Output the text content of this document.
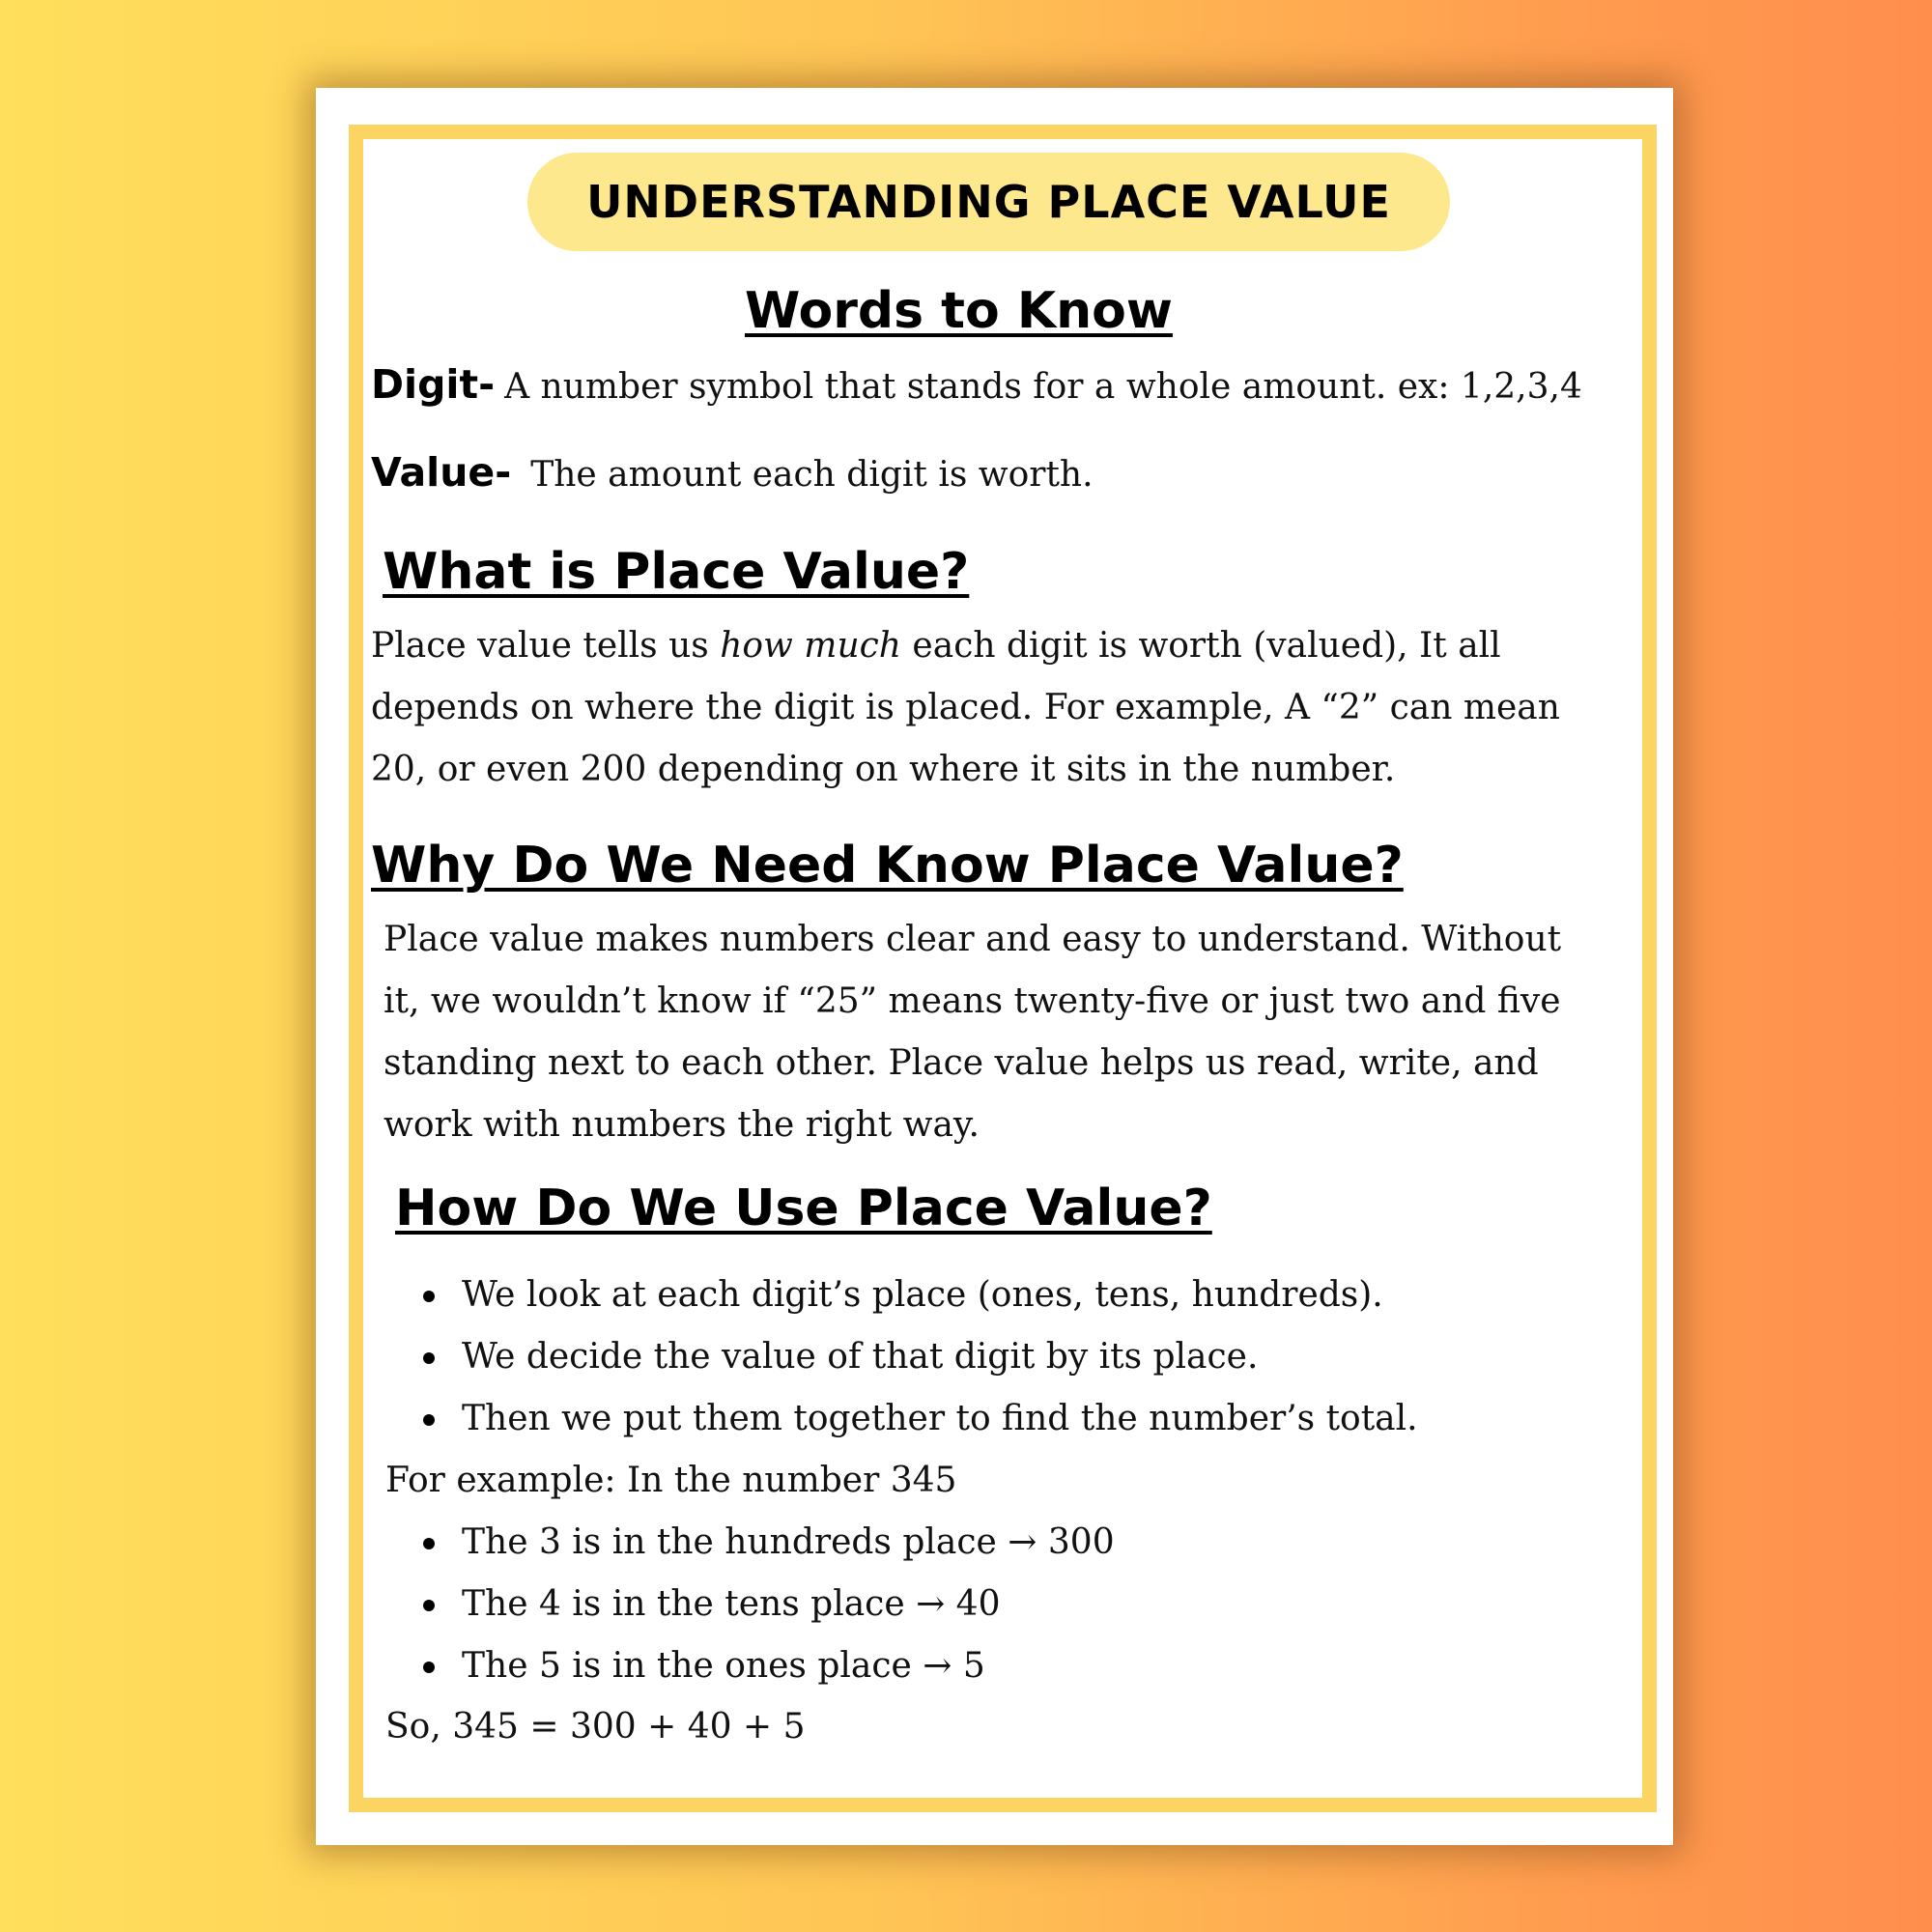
UNDERSTANDING PLACE VALUE
Words to Know
Digit- A number symbol that stands for a whole amount. ex: 1,2,3,4
Value- The amount each digit is worth.
What is Place Value?

Place value tells us how much each digit is worth (valued), It all

depends on where the digit is placed. For example, A “2” can mean

20, or even 200 depending on where it sits in the number.

Why Do We Need Know Place Value?

Place value makes numbers clear and easy to understand. Without

it, we wouldn’t know if “25” means twenty-five or just two and five

standing next to each other. Place value helps us read, write, and

work with numbers the right way.

How Do We Use Place Value?
We look at each digit’s place (ones, tens, hundreds).
We decide the value of that digit by its place.
Then we put them together to find the number’s total.

For example: In the number 345

The 3 is in the hundreds place → 300
The 4 is in the tens place → 40
The 5 is in the ones place → 5

So, 345 = 300 + 40 + 5
